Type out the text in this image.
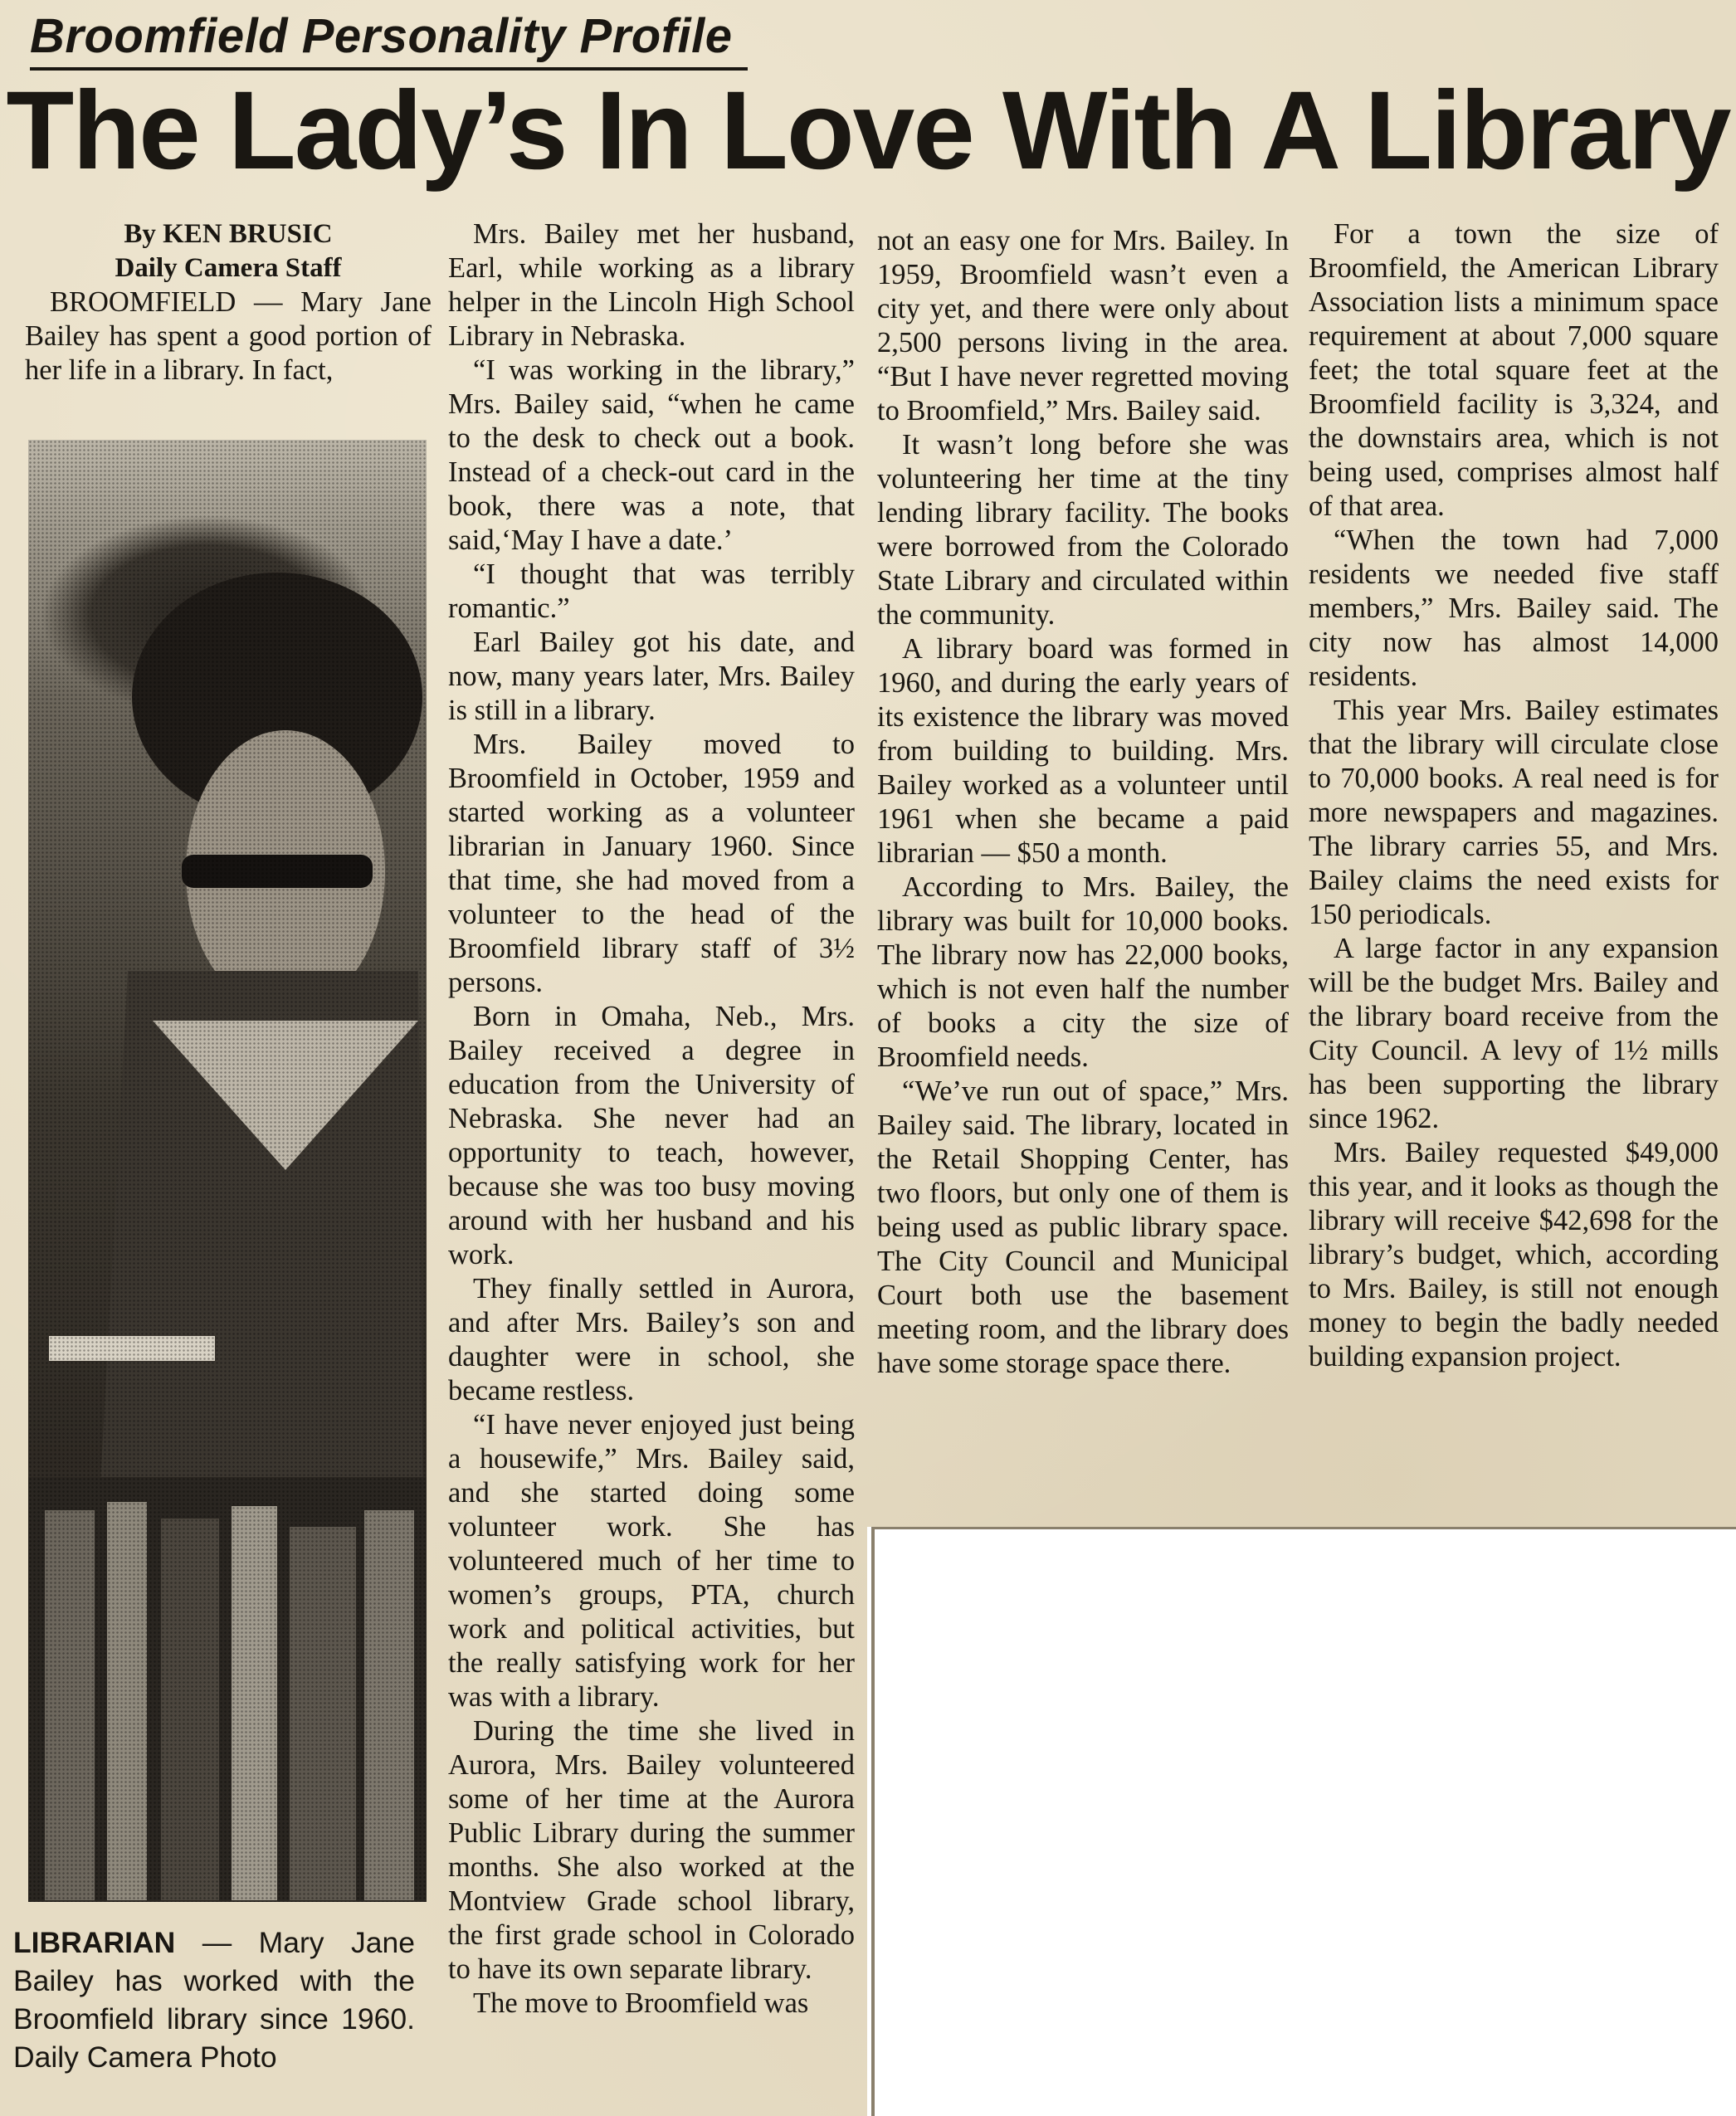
Broomfield Personality Profile
The Lady’s In Love With A Library
By KEN BRUSIC
Daily Camera Staff

BROOMFIELD — Mary Jane Bailey has spent a good portion of her life in a library. In fact,

LIBRARIAN — Mary Jane Bailey has worked with the Broomfield library since 1960. Daily Camera Photo

Mrs. Bailey met her husband, Earl, while working as a library helper in the Lincoln High School Library in Nebraska.

“I was working in the library,” Mrs. Bailey said, “when he came to the desk to check out a book. Instead of a check-out card in the book, there was a note, that said,‘May I have a date.’

“I thought that was terribly romantic.”

Earl Bailey got his date, and now, many years later, Mrs. Bailey is still in a library.

Mrs. Bailey moved to Broomfield in October, 1959 and started working as a volunteer librarian in January 1960. Since that time, she had moved from a volunteer to the head of the Broomfield library staff of 3½ persons.

Born in Omaha, Neb., Mrs. Bailey received a degree in education from the University of Nebraska. She never had an opportunity to teach, however, because she was too busy moving around with her husband and his work.

They finally settled in Aurora, and after Mrs. Bailey’s son and daughter were in school, she became restless.

“I have never enjoyed just being a housewife,” Mrs. Bailey said, and she started doing some volunteer work. She has volunteered much of her time to women’s groups, PTA, church work and political activities, but the really satisfying work for her was with a library.

During the time she lived in Aurora, Mrs. Bailey volunteered some of her time at the Aurora Public Library during the summer months. She also worked at the Montview Grade school library, the first grade school in Colorado to have its own separate library.

The move to Broomfield was

not an easy one for Mrs. Bailey. In 1959, Broomfield wasn’t even a city yet, and there were only about 2,500 persons living in the area. “But I have never regretted moving to Broomfield,” Mrs. Bailey said.

It wasn’t long before she was volunteering her time at the tiny lending library facility. The books were borrowed from the Colorado State Library and circulated within the community.

A library board was formed in 1960, and during the early years of its existence the library was moved from building to building. Mrs. Bailey worked as a volunteer until 1961 when she became a paid librarian — $50 a month.

According to Mrs. Bailey, the library was built for 10,000 books. The library now has 22,000 books, which is not even half the number of books a city the size of Broomfield needs.

“We’ve run out of space,” Mrs. Bailey said. The library, located in the Retail Shopping Center, has two floors, but only one of them is being used as public library space. The City Council and Municipal Court both use the basement meeting room, and the library does have some storage space there.

For a town the size of Broomfield, the American Library Association lists a minimum space requirement at about 7,000 square feet; the total square feet at the Broomfield facility is 3,324, and the downstairs area, which is not being used, comprises almost half of that area.

“When the town had 7,000 residents we needed five staff members,” Mrs. Bailey said. The city now has almost 14,000 residents.

This year Mrs. Bailey estimates that the library will circulate close to 70,000 books. A real need is for more newspapers and magazines. The library carries 55, and Mrs. Bailey claims the need exists for 150 periodicals.

A large factor in any expansion will be the budget Mrs. Bailey and the library board receive from the City Council. A levy of 1½ mills has been supporting the library since 1962.

Mrs. Bailey requested $49,000 this year, and it looks as though the library will receive $42,698 for the library’s budget, which, according to Mrs. Bailey, is still not enough money to begin the badly needed building expansion project.
